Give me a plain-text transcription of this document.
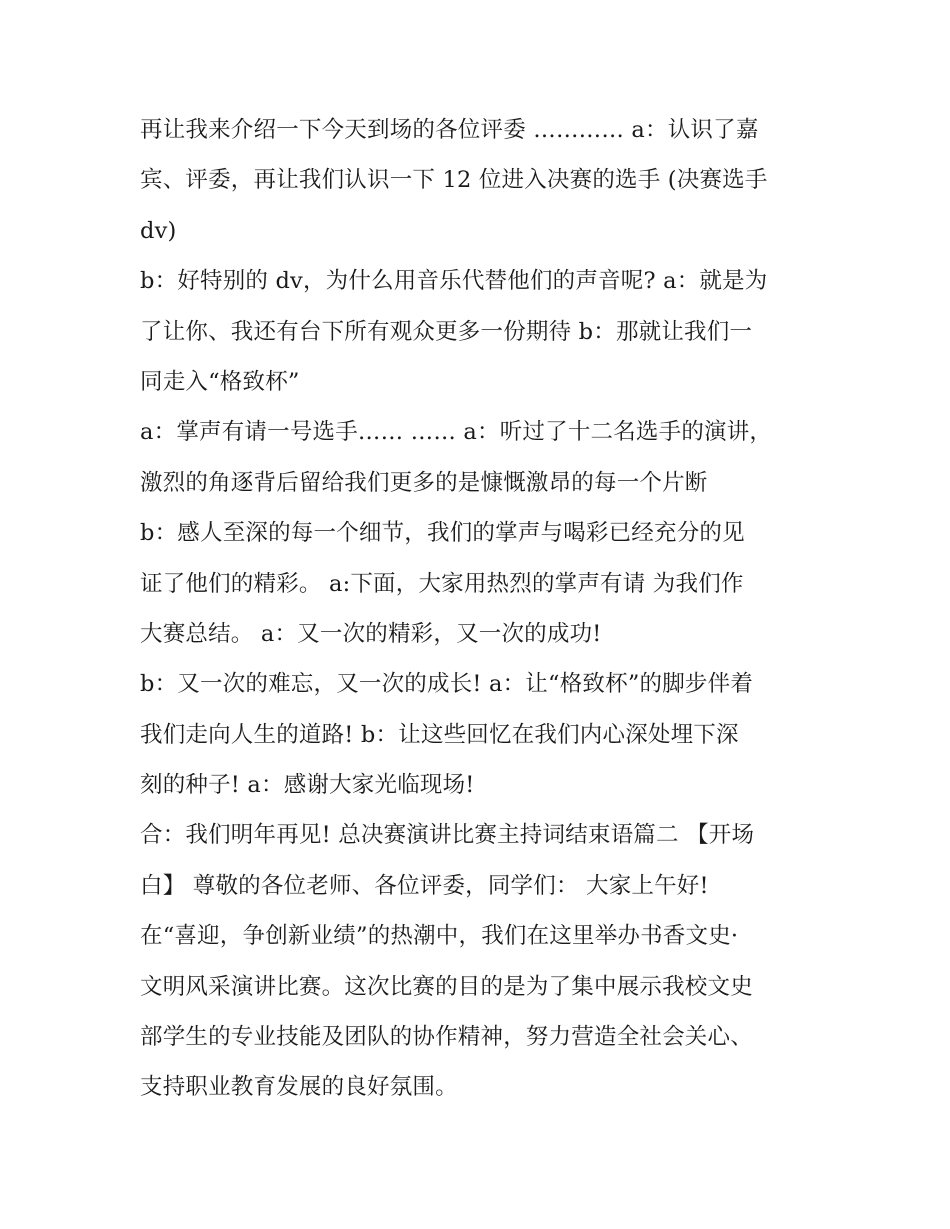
再让我来介绍一下今天到场的各位评委 ………… a：认识了嘉
宾、评委，再让我们认识一下 12 位进入决赛的选手 (决赛选手
dv)
b：好特别的 dv，为什么用音乐代替他们的声音呢? a：就是为
了让你、我还有台下所有观众更多一份期待 b：那就让我们一
同走入“格致杯”
a：掌声有请一号选手…… …… a：听过了十二名选手的演讲，
激烈的角逐背后留给我们更多的是慷慨激昂的每一个片断
b：感人至深的每一个细节，我们的掌声与喝彩已经充分的见
证了他们的精彩。 a:下面，大家用热烈的掌声有请 为我们作
大赛总结。 a：又一次的精彩，又一次的成功!
b：又一次的难忘，又一次的成长! a：让“格致杯”的脚步伴着
我们走向人生的道路! b：让这些回忆在我们内心深处埋下深
刻的种子! a：感谢大家光临现场!
合：我们明年再见! 总决赛演讲比赛主持词结束语篇二 【开场
白】 尊敬的各位老师、各位评委，同学们： 大家上午好!
在“喜迎，争创新业绩”的热潮中，我们在这里举办书香文史·
文明风采演讲比赛。这次比赛的目的是为了集中展示我校文史
部学生的专业技能及团队的协作精神，努力营造全社会关心、
支持职业教育发展的良好氛围。
